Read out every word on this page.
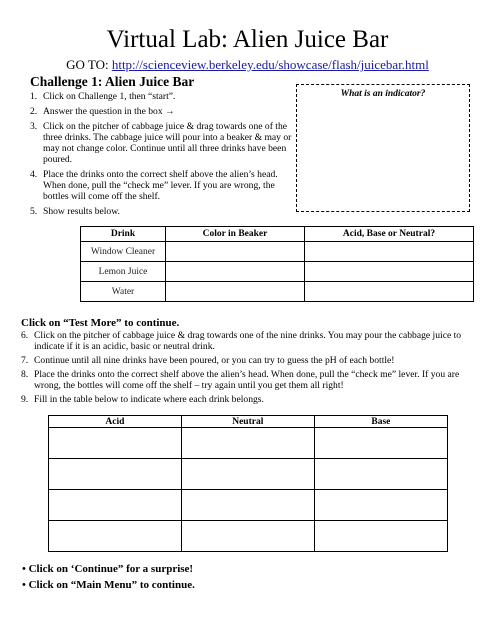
Virtual Lab: Alien Juice Bar
GO TO: http://scienceview.berkeley.edu/showcase/flash/juicebar.html
Challenge 1: Alien Juice Bar
1. Click on Challenge 1, then “start”.
2. Answer the question in the box →
3. Click on the pitcher of cabbage juice & drag towards one of the three drinks. The cabbage juice will pour into a beaker & may or may not change color. Continue until all three drinks have been poured.
4. Place the drinks onto the correct shelf above the alien’s head. When done, pull the “check me” lever. If you are wrong, the bottles will come off the shelf.
5. Show results below.
What is an indicator?
Drink	Color in Beaker	Acid, Base or Neutral?
Window Cleaner		
Lemon Juice		
Water		
Click on “Test More” to continue.
6. Click on the pitcher of cabbage juice & drag towards one of the nine drinks. You may pour the cabbage juice to indicate if it is an acidic, basic or neutral drink.
7. Continue until all nine drinks have been poured, or you can try to guess the pH of each bottle!
8. Place the drinks onto the correct shelf above the alien’s head. When done, pull the “check me” lever. If you are wrong, the bottles will come off the shelf – try again until you get them all right!
9. Fill in the table below to indicate where each drink belongs.
Acid	Neutral	Base

• Click on ‘Continue” for a surprise!
• Click on “Main Menu” to continue.
